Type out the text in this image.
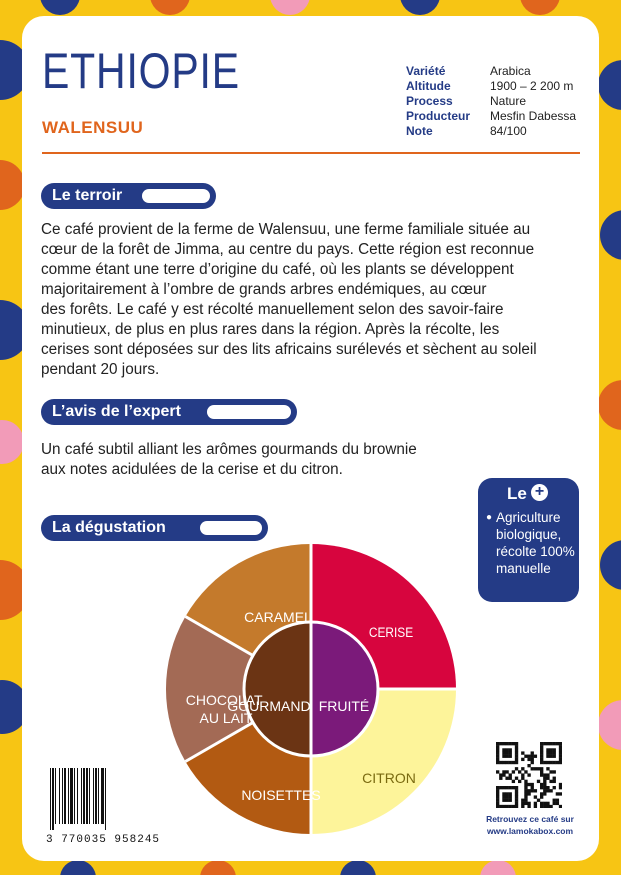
ETHIOPIE
WALENSUU
Variété	Arabica
Altitude	1900 – 2 200 m
Process	Nature
Producteur	Mesfin Dabessa
Note	84/100
Le terroir
Ce café provient de la ferme de Walensuu, une ferme familiale située au
cœur de la forêt de Jimma, au centre du pays. Cette région est reconnue
comme étant une terre d’origine du café, où les plants se développent
majoritairement à l’ombre de grands arbres endémiques, au cœur
des forêts. Le café y est récolté manuellement selon des savoir-faire
minutieux, de plus en plus rares dans la région. Après la récolte, les
cerises sont déposées sur des lits africains surélevés et sèchent au soleil
pendant 20 jours.
L’avis de l’expert
Un café subtil alliant les arômes gourmands du brownie
aux notes acidulées de la cerise et du citron.
Le +
● Agriculture biologique, récolte 100% manuelle
La dégustation
CERISE
CITRON
NOISETTES
CHOCOLAT AU LAIT
CARAMEL
GOURMAND FRUITÉ
3 770035 958245
Retrouvez ce café sur
www.lamokabox.com
